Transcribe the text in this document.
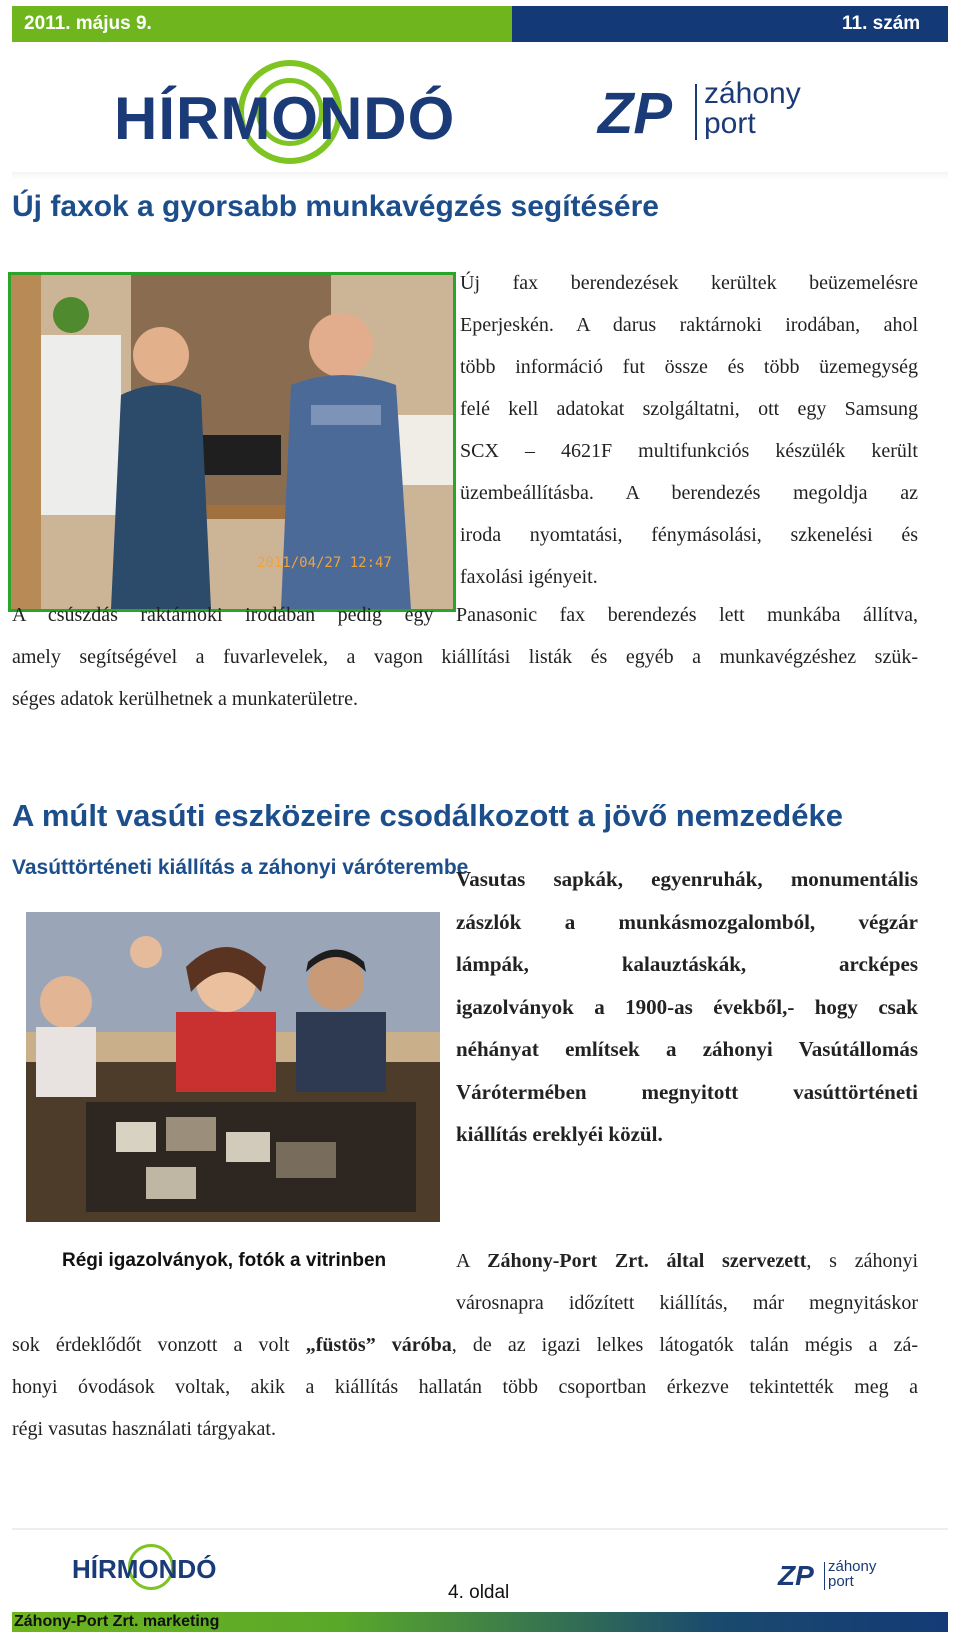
2011. május 9.	11. szám
HÍRMONDÓ ZP záhony
port
Új faxok a gyorsabb munkavégzés segítésére
2011/04/27 12:47

Új fax berendezések kerültek beüzemelésre

Eperjeskén. A darus raktárnoki irodában, ahol

több információ fut össze és több üzemegység

felé kell adatokat szolgáltatni, ott egy Samsung

SCX – 4621F multifunkciós készülék került

üzembeállításba. A berendezés megoldja az

iroda nyomtatási, fénymásolási, szkenelési és

faxolási igényeit.

A csúszdás raktárnoki irodában pedig egy Panasonic fax berendezés lett munkába állítva,

amely segítségével a fuvarlevelek, a vagon kiállítási listák és egyéb a munkavégzéshez szük-

séges adatok kerülhetnek a munkaterületre.

A múlt vasúti eszközeire csodálkozott a jövő nemzedéke
Vasúttörténeti kiállítás a záhonyi váróterembe

Vasutas sapkák, egyenruhák, monumentális

zászlók a munkásmozgalomból, végzár

lámpák, kalauztáskák, arcképes

igazolványok a 1900-as évekből,- hogy csak

néhányat említsek a záhonyi Vasútállomás

Várótermében megnyitott vasúttörténeti

kiállítás ereklyéi közül.

Régi igazolványok, fotók a vitrinben	A Záhony-Port Zrt. által szervezett, s záhonyi

városnapra időzített kiállítás, már megnyitáskor

sok érdeklődőt vonzott a volt „füstös” váróba, de az igazi lelkes látogatók talán mégis a zá-

honyi óvodások voltak, akik a kiállítás hallatán több csoportban érkezve tekintették meg a

régi vasutas használati tárgyakat.

HÍRMONDÓ
4. oldal
ZP záhony
port
Záhony-Port Zrt. marketing
